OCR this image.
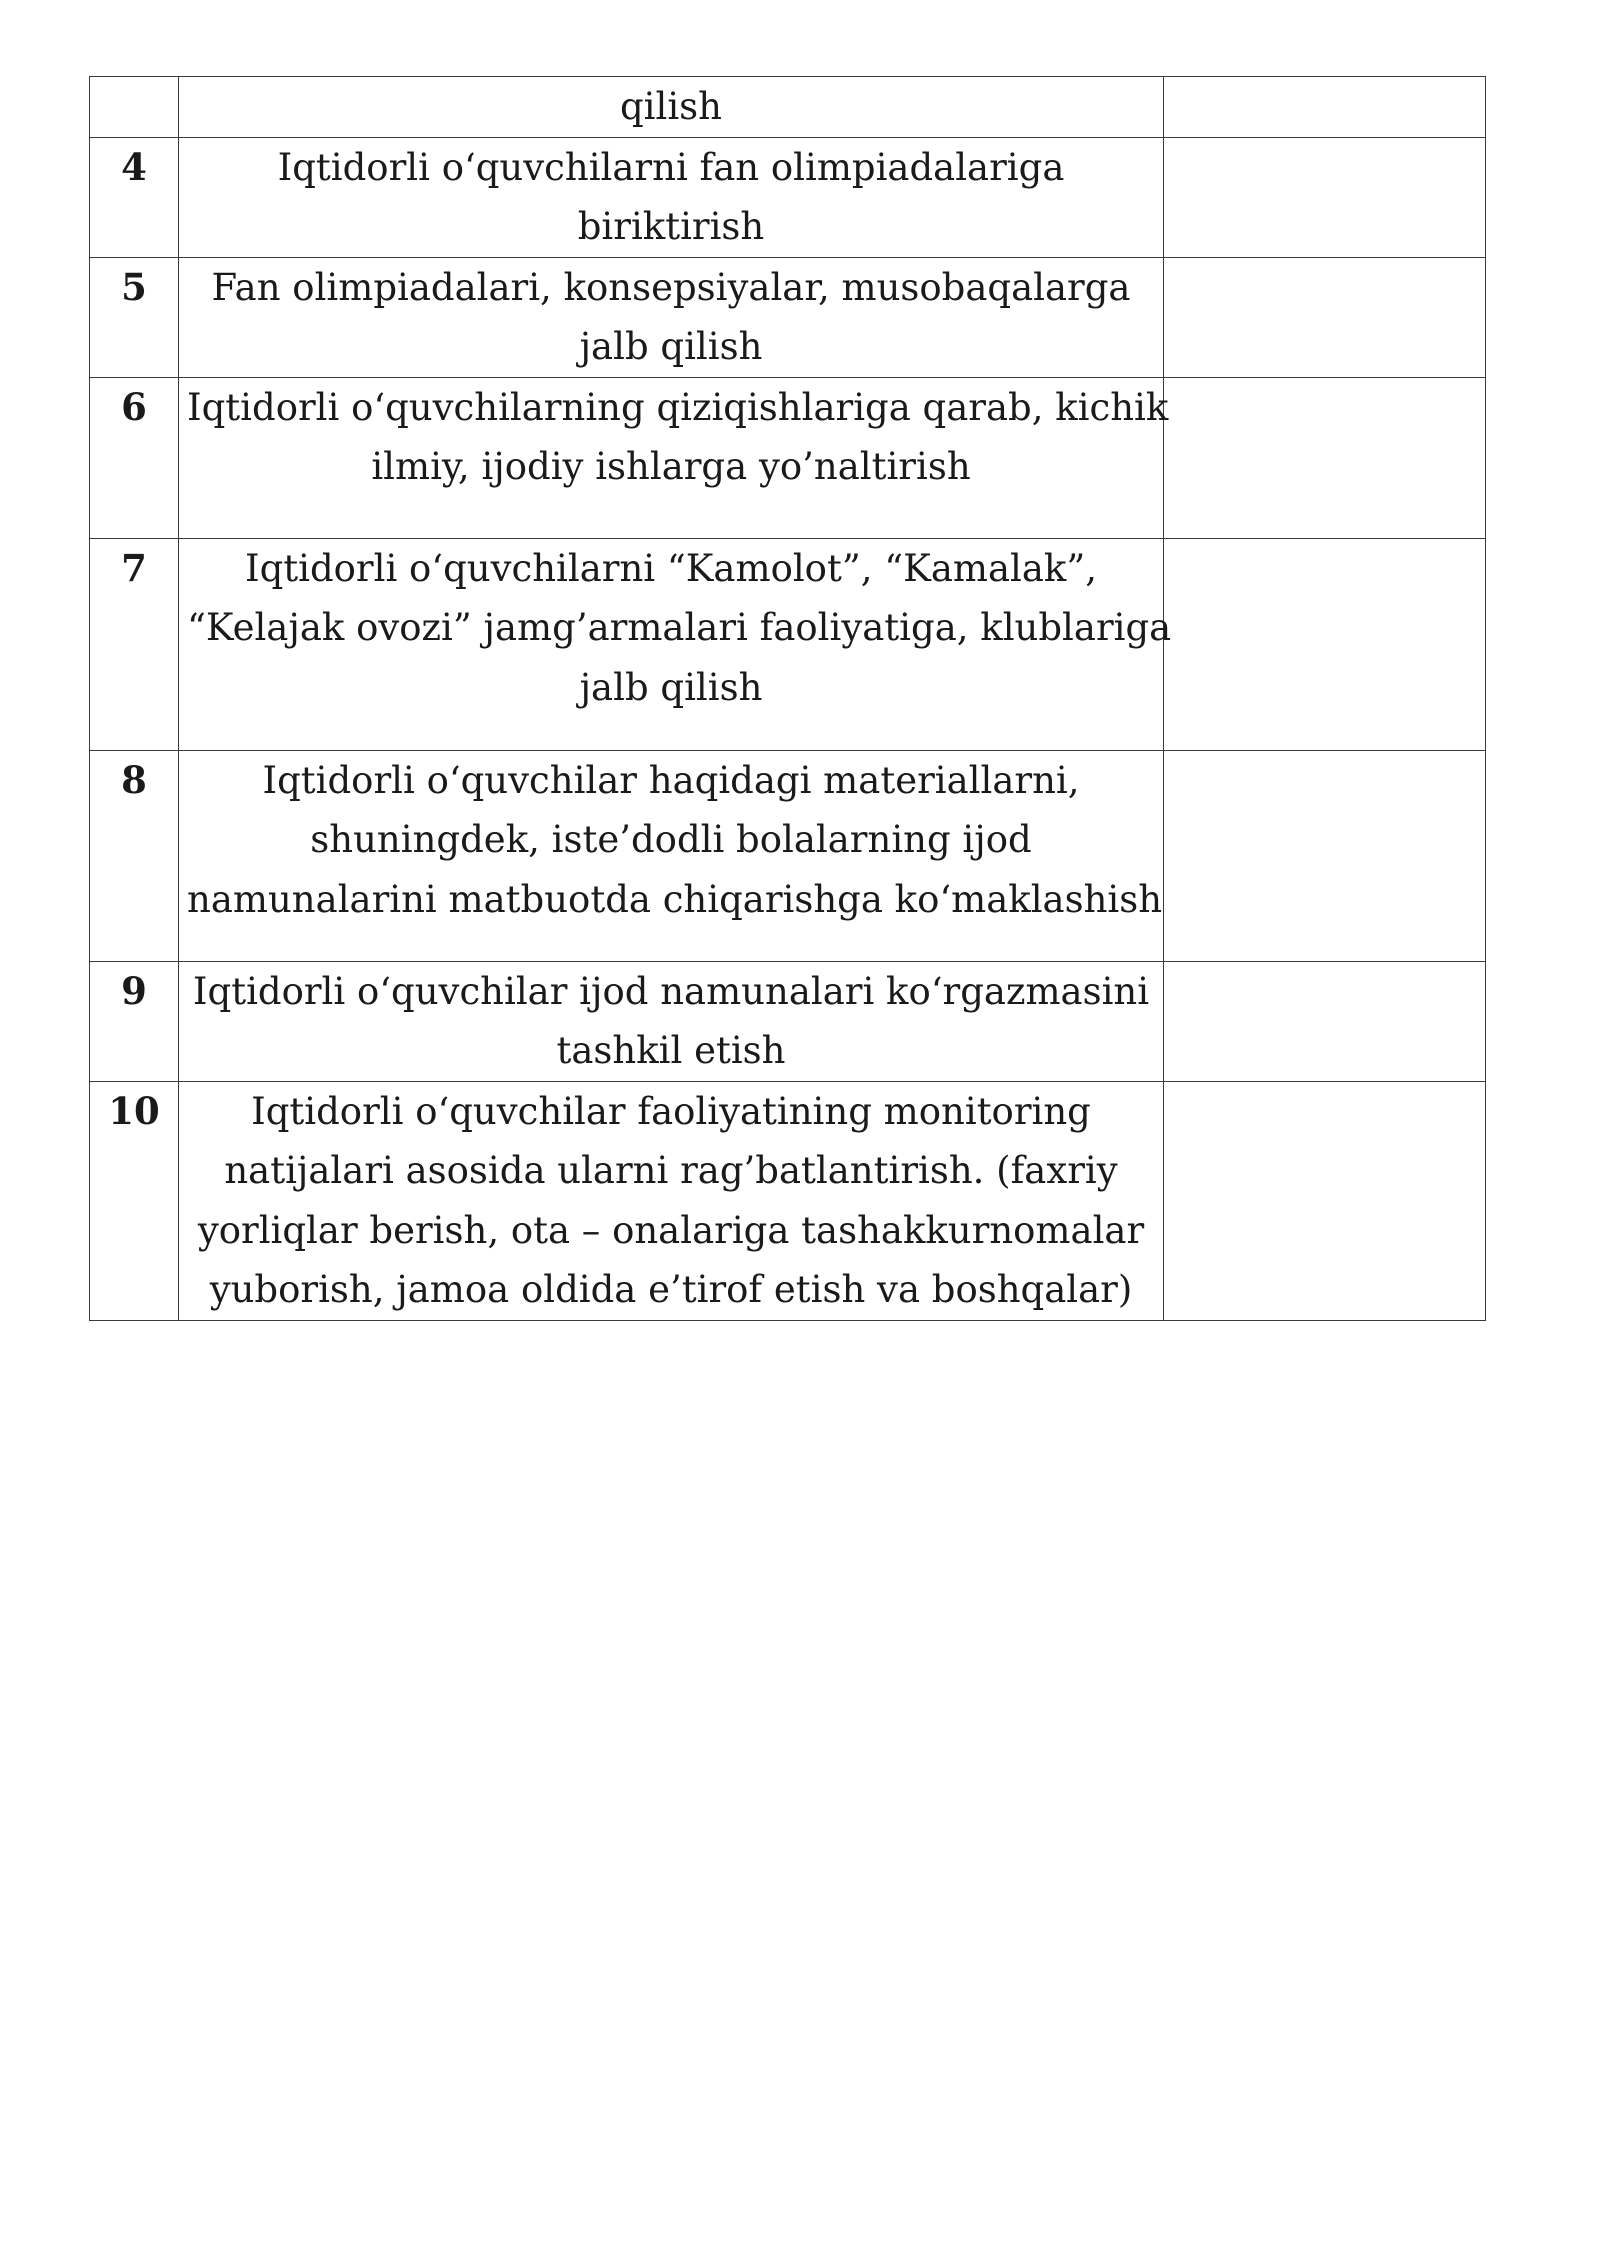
	qilish	

4	Iqtidorli o‘quvchilarni fan olimpiadalariga
biriktirish	

5	Fan olimpiadalari, konsepsiyalar, musobaqalarga
jalb qilish	

6	Iqtidorli o‘quvchilarning qiziqishlariga qarab, kichik
ilmiy, ijodiy ishlarga yo’naltirish	

7	Iqtidorli o‘quvchilarni “Kamolot”, “Kamalak”,
“Kelajak ovozi” jamg’armalari faoliyatiga, klublariga
jalb qilish	

8	Iqtidorli o‘quvchilar haqidagi materiallarni,
shuningdek, iste’dodli bolalarning ijod
namunalarini matbuotda chiqarishga ko‘maklashish	

9	Iqtidorli o‘quvchilar ijod namunalari ko‘rgazmasini
tashkil etish	

10	Iqtidorli o‘quvchilar faoliyatining monitoring
natijalari asosida ularni rag’batlantirish. (faxriy
yorliqlar berish, ota – onalariga tashakkurnomalar
yuborish, jamoa oldida e’tirof etish va boshqalar)	
